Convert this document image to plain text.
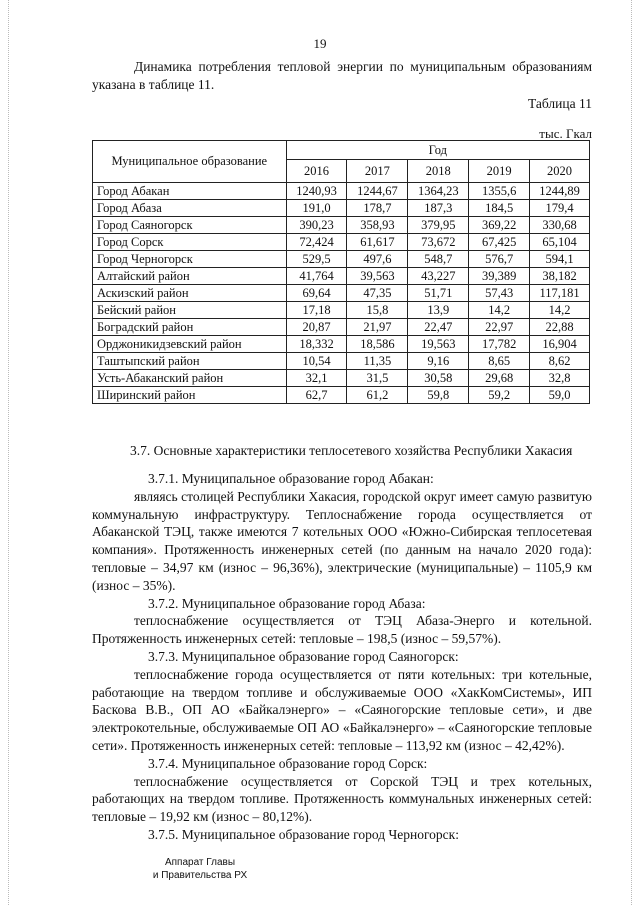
19
Динамика потребления тепловой энергии по муниципальным образованиям указана в таблице 11.
Таблица 11
тыс. Гкал
Муниципальное образование	Год				
	2016	2017	2018	2019	2020
Город Абакан	1240,93	1244,67	1364,23	1355,6	1244,89
Город Абаза	191,0	178,7	187,3	184,5	179,4
Город Саяногорск	390,23	358,93	379,95	369,22	330,68
Город Сорск	72,424	61,617	73,672	67,425	65,104
Город Черногорск	529,5	497,6	548,7	576,7	594,1
Алтайский район	41,764	39,563	43,227	39,389	38,182
Аскизский район	69,64	47,35	51,71	57,43	117,181
Бейский район	17,18	15,8	13,9	14,2	14,2
Боградский район	20,87	21,97	22,47	22,97	22,88
Орджоникидзевский район	18,332	18,586	19,563	17,782	16,904
Таштыпский район	10,54	11,35	9,16	8,65	8,62
Усть-Абаканский район	32,1	31,5	30,58	29,68	32,8
Ширинский район	62,7	61,2	59,8	59,2	59,0
3.7. Основные характеристики теплосетевого хозяйства Республики Хакасия

3.7.1. Муниципальное образование город Абакан:

являясь столицей Республики Хакасия, городской округ имеет самую развитую коммунальную инфраструктуру. Теплоснабжение города осуществляется от Абаканской ТЭЦ, также имеются 7 котельных ООО «Южно-Сибирская теплосетевая компания». Протяженность инженерных сетей (по данным на начало 2020 года): тепловые – 34,97 км (износ – 96,36%), электрические (муниципальные) – 1105,9 км (износ – 35%).

3.7.2. Муниципальное образование город Абаза:

теплоснабжение осуществляется от ТЭЦ Абаза-Энерго и котельной. Протяженность инженерных сетей: тепловые – 198,5 (износ – 59,57%).

3.7.3. Муниципальное образование город Саяногорск:

теплоснабжение города осуществляется от пяти котельных: три котельные, работающие на твердом топливе и обслуживаемые ООО «ХакКомСистемы», ИП Баскова В.В., ОП АО «Байкалэнерго» – «Саяногорские тепловые сети», и две электрокотельные, обслуживаемые ОП АО «Байкалэнерго» – «Саяногорские тепловые сети». Протяженность инженерных сетей: тепловые – 113,92 км (износ – 42,42%).

3.7.4. Муниципальное образование город Сорск:

теплоснабжение осуществляется от Сорской ТЭЦ и трех котельных, работающих на твердом топливе. Протяженность коммунальных инженерных сетей: тепловые – 19,92 км (износ – 80,12%).

3.7.5. Муниципальное образование город Черногорск:

Аппарат Главы
и Правительства РХ
